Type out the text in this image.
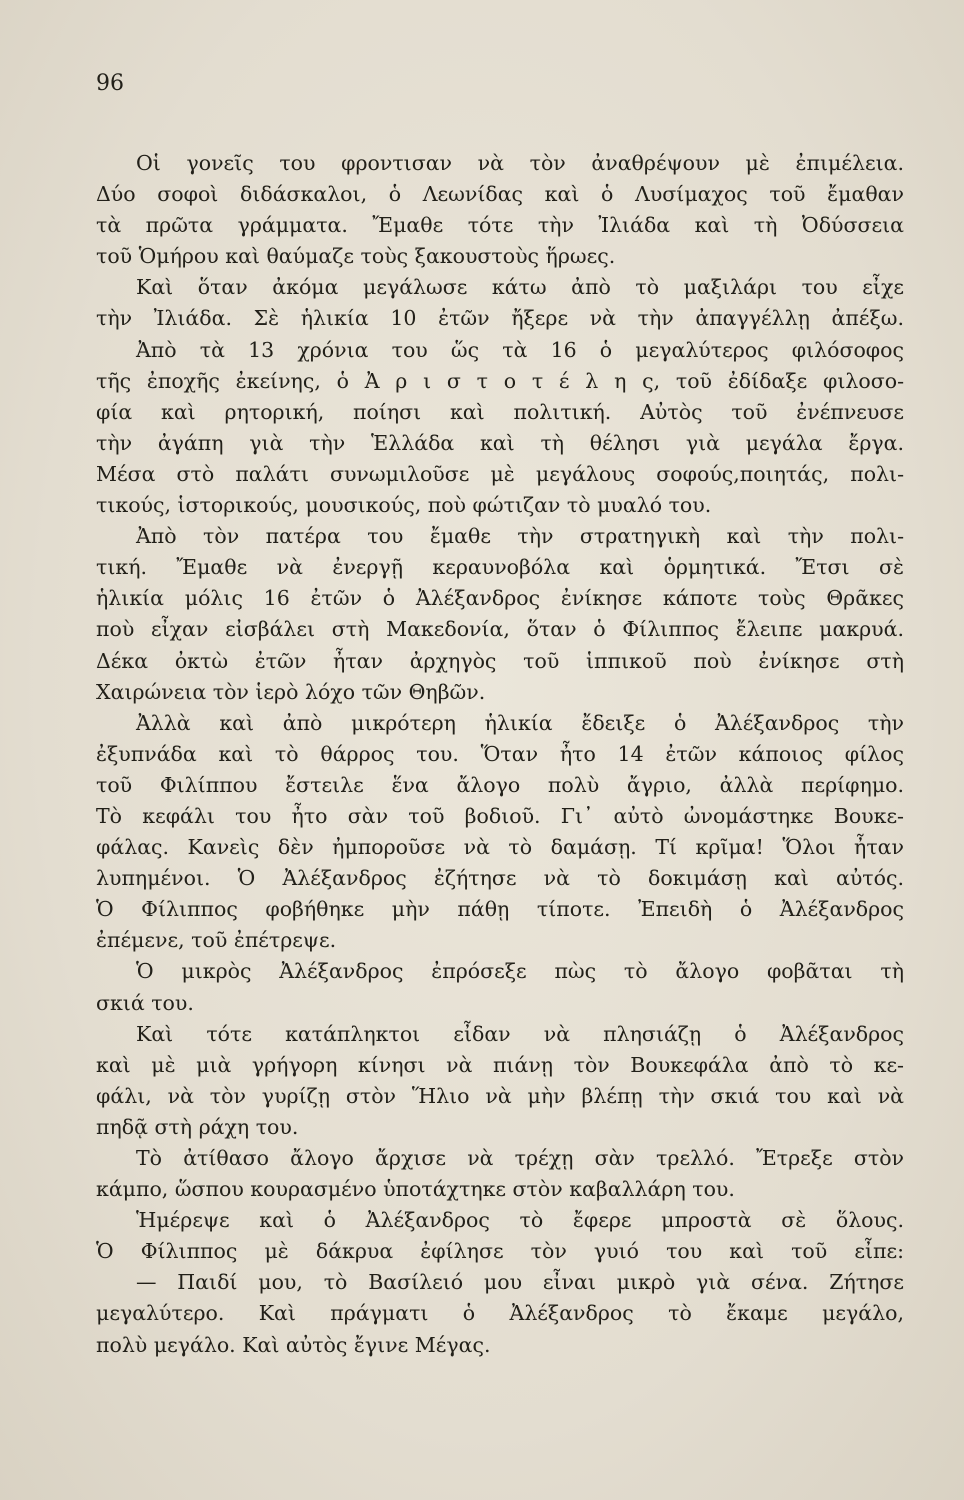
96
Οἱ γονεῖς του φροντισαν νὰ τὸν ἀναθρέψουν μὲ ἐπιμέλεια.
Δύο σοφοὶ διδάσκαλοι, ὁ Λεωνίδας καὶ ὁ Λυσίμαχος τοῦ ἔμαθαν
τὰ πρῶτα γράμματα. Ἔμαθε τότε τὴν Ἰλιάδα καὶ τὴ Ὀδύσσεια
τοῦ Ὁμήρου καὶ θαύμαζε τοὺς ξακουστοὺς ἥρωες.
Καὶ ὅταν ἀκόμα μεγάλωσε κάτω ἀπὸ τὸ μαξιλάρι του εἶχε
τὴν Ἰλιάδα. Σὲ ἡλικία 10 ἐτῶν ἤξερε νὰ τὴν ἀπαγγέλλῃ ἀπέξω.
Ἀπὸ τὰ 13 χρόνια του ὥς τὰ 16 ὁ μεγαλύτερος φιλόσοφος
τῆς ἐποχῆς ἐκείνης, ὁ Ἀ ρ ι σ τ ο τ έ λ η ς, τοῦ ἐδίδαξε φιλοσο-
φία καὶ ρητορική, ποίησι καὶ πολιτική. Αὐτὸς τοῦ ἐνέπνευσε
τὴν ἀγάπη γιὰ τὴν Ἑλλάδα καὶ τὴ θέλησι γιὰ μεγάλα ἔργα.
Μέσα στὸ παλάτι συνωμιλοῦσε μὲ μεγάλους σοφούς,ποιητάς, πολι-
τικούς, ἱστορικούς, μουσικούς, ποὺ φώτιζαν τὸ μυαλό του.
Ἀπὸ τὸν πατέρα του ἔμαθε τὴν στρατηγικὴ καὶ τὴν πολι-
τική. Ἔμαθε νὰ ἐνεργῇ κεραυνοβόλα καὶ ὁρμητικά. Ἔτσι σὲ
ἡλικία μόλις 16 ἐτῶν ὁ Ἀλέξανδρος ἐνίκησε κάποτε τοὺς Θρᾶκες
ποὺ εἶχαν εἰσβάλει στὴ Μακεδονία, ὅταν ὁ Φίλιππος ἔλειπε μακρυά.
Δέκα ὀκτὼ ἐτῶν ἦταν ἀρχηγὸς τοῦ ἱππικοῦ ποὺ ἐνίκησε στὴ
Χαιρώνεια τὸν ἱερὸ λόχο τῶν Θηβῶν.
Ἀλλὰ καὶ ἀπὸ μικρότερη ἡλικία ἔδειξε ὁ Ἀλέξανδρος τὴν
ἐξυπνάδα καὶ τὸ θάρρος του. Ὅταν ἦτο 14 ἐτῶν κάποιος φίλος
τοῦ Φιλίππου ἔστειλε ἕνα ἄλογο πολὺ ἄγριο, ἀλλὰ περίφημο.
Τὸ κεφάλι του ἦτο σὰν τοῦ βοδιοῦ. Γι᾿ αὐτὸ ὠνομάστηκε Βουκε-
φάλας. Κανεὶς δὲν ἠμποροῦσε νὰ τὸ δαμάσῃ. Τί κρῖμα! Ὅλοι ἦταν
λυπημένοι. Ὁ Ἀλέξανδρος ἐζήτησε νὰ τὸ δοκιμάσῃ καὶ αὐτός.
Ὁ Φίλιππος φοβήθηκε μὴν πάθῃ τίποτε. Ἐπειδὴ ὁ Ἀλέξανδρος
ἐπέμενε, τοῦ ἐπέτρεψε.
Ὁ μικρὸς Ἀλέξανδρος ἐπρόσεξε πὼς τὸ ἄλογο φοβᾶται τὴ
σκιά του.
Καὶ τότε κατάπληκτοι εἶδαν νὰ πλησιάζῃ ὁ Ἀλέξανδρος
καὶ μὲ μιὰ γρήγορη κίνησι νὰ πιάνῃ τὸν Βουκεφάλα ἀπὸ τὸ κε-
φάλι, νὰ τὸν γυρίζῃ στὸν Ἥλιο νὰ μὴν βλέπῃ τὴν σκιά του καὶ νὰ
πηδᾷ στὴ ράχη του.
Τὸ ἀτίθασο ἄλογο ἄρχισε νὰ τρέχῃ σὰν τρελλό. Ἔτρεξε στὸν
κάμπο, ὥσπου κουρασμένο ὑποτάχτηκε στὸν καβαλλάρη του.
Ἡμέρεψε καὶ ὁ Ἀλέξανδρος τὸ ἔφερε μπροστὰ σὲ ὅλους.
Ὁ Φίλιππος μὲ δάκρυα ἐφίλησε τὸν γυιό του καὶ τοῦ εἶπε:
— Παιδί μου, τὸ Βασίλειό μου εἶναι μικρὸ γιὰ σένα. Ζήτησε
μεγαλύτερο. Καὶ πράγματι ὁ Ἀλέξανδρος τὸ ἔκαμε μεγάλο,
πολὺ μεγάλο. Καὶ αὐτὸς ἔγινε Μέγας.
